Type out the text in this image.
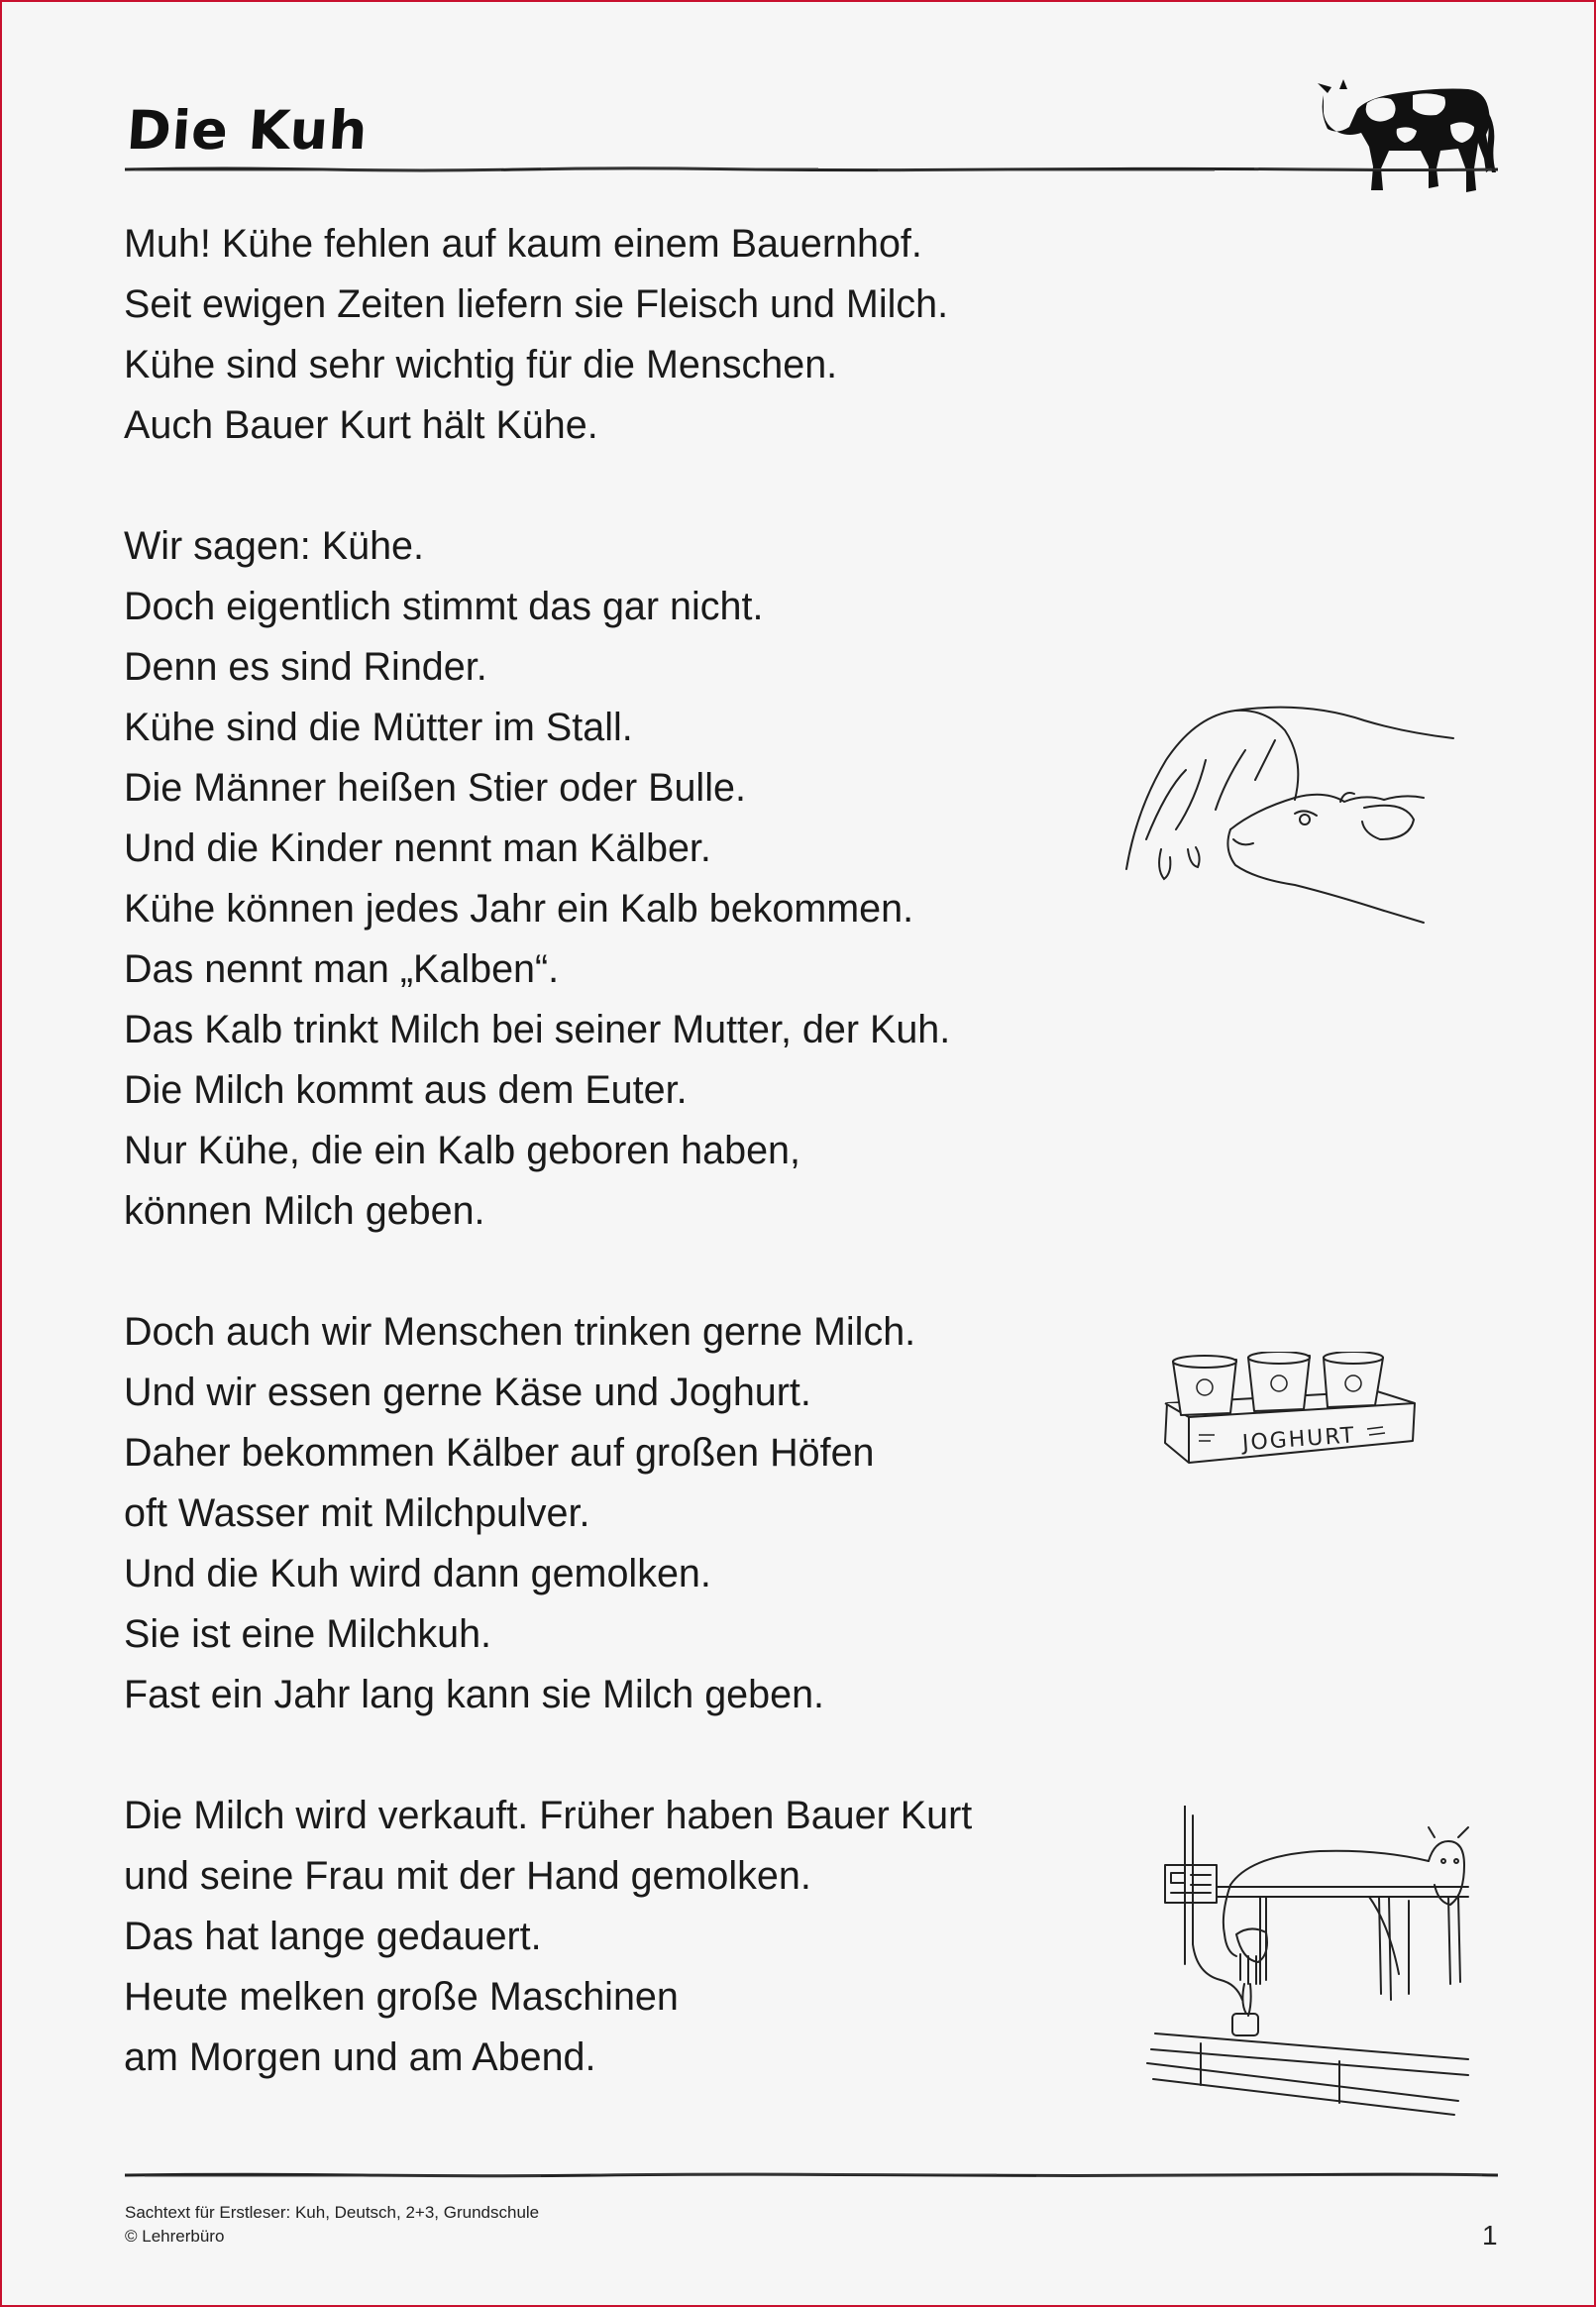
Die Kuh
Muh! Kühe fehlen auf kaum einem Bauernhof.
Seit ewigen Zeiten liefern sie Fleisch und Milch.
Kühe sind sehr wichtig für die Menschen.
Auch Bauer Kurt hält Kühe.
Wir sagen: Kühe.
Doch eigentlich stimmt das gar nicht.
Denn es sind Rinder.
Kühe sind die Mütter im Stall.
Die Männer heißen Stier oder Bulle.
Und die Kinder nennt man Kälber.
Kühe können jedes Jahr ein Kalb bekommen.
Das nennt man „Kalben“.
Das Kalb trinkt Milch bei seiner Mutter, der Kuh.
Die Milch kommt aus dem Euter.
Nur Kühe, die ein Kalb geboren haben,
können Milch geben.
Doch auch wir Menschen trinken gerne Milch.
Und wir essen gerne Käse und Joghurt.
Daher bekommen Kälber auf großen Höfen
oft Wasser mit Milchpulver.
Und die Kuh wird dann gemolken.
Sie ist eine Milchkuh.
Fast ein Jahr lang kann sie Milch geben.
Die Milch wird verkauft. Früher haben Bauer Kurt
und seine Frau mit der Hand gemolken.
Das hat lange gedauert.
Heute melken große Maschinen
am Morgen und am Abend.
JOGHURT
Sachtext für Erstleser: Kuh, Deutsch, 2+3, Grundschule
© Lehrerbüro	1
